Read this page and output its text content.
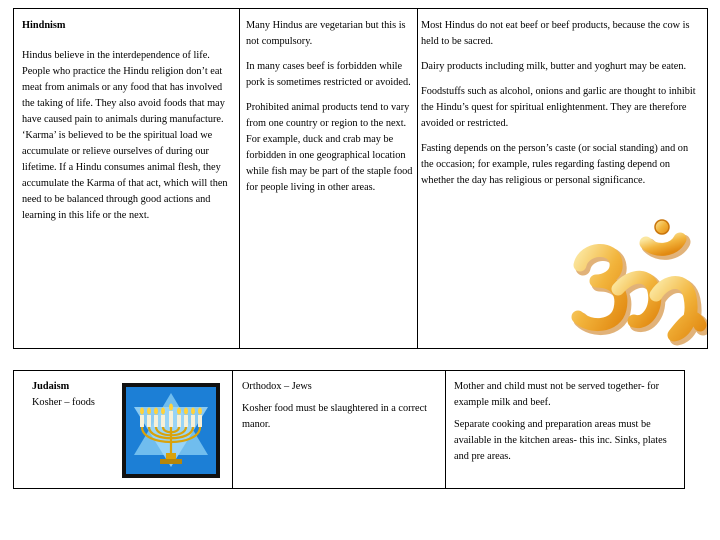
Hindnism

Hindus believe in the interdependence of life. People who practice the Hindu religion don’t eat meat from animals or any food that has involved the taking of life. They also avoid foods that may have caused pain to animals during manufacture. ‘Karma’ is believed to be the spiritual load we accumulate or relieve ourselves of during our lifetime. If a Hindu consumes animal flesh, they accumulate the Karma of that act, which will then need to be balanced through good actions and learning in this life or the next.

Many Hindus are vegetarian but this is not compulsory.

In many cases beef is forbidden while pork is sometimes restricted or avoided.

Prohibited animal products tend to vary from one country or region to the next. For example, duck and crab may be forbidden in one geographical location while fish may be part of the staple food for people living in other areas.

Most Hindus do not eat beef or beef products, because the cow is held to be sacred.

Dairy products including milk, butter and yoghurt may be eaten.

Foodstuffs such as alcohol, onions and garlic are thought to inhibit the Hindu’s quest for spiritual enlightenment. They are therefore avoided or restricted.

Fasting depends on the person’s caste (or social standing) and on the occasion; for example, rules regarding fasting depend on whether the day has religious or personal significance.

Judaism

Kosher – foods

Orthodox – Jews

Kosher food must be slaughtered in a correct manor.

Mother and child must not be served together- for example milk and beef.

Separate cooking and preparation areas must be available in the kitchen areas- this inc. Sinks, plates and pre areas.
